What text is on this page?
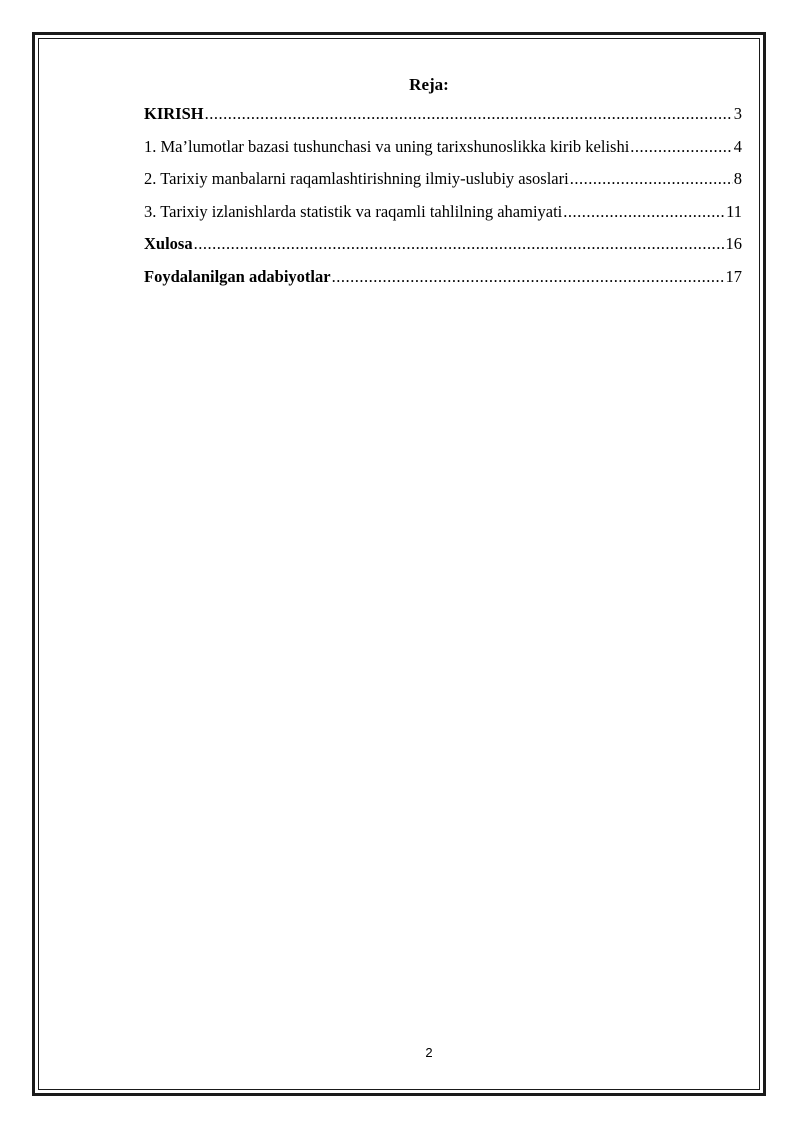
Reja:
KIRISH .....	3
1. Ma’lumotlar bazasi tushunchasi va uning tarixshunoslikka kirib kelishi .....	4
2. Tarixiy manbalarni raqamlashtirishning ilmiy-uslubiy asoslari .....	8
3. Tarixiy izlanishlarda statistik va raqamli tahlilning ahamiyati .....	11
Xulosa .....	16
Foydalanilgan adabiyotlar .....	17
2
